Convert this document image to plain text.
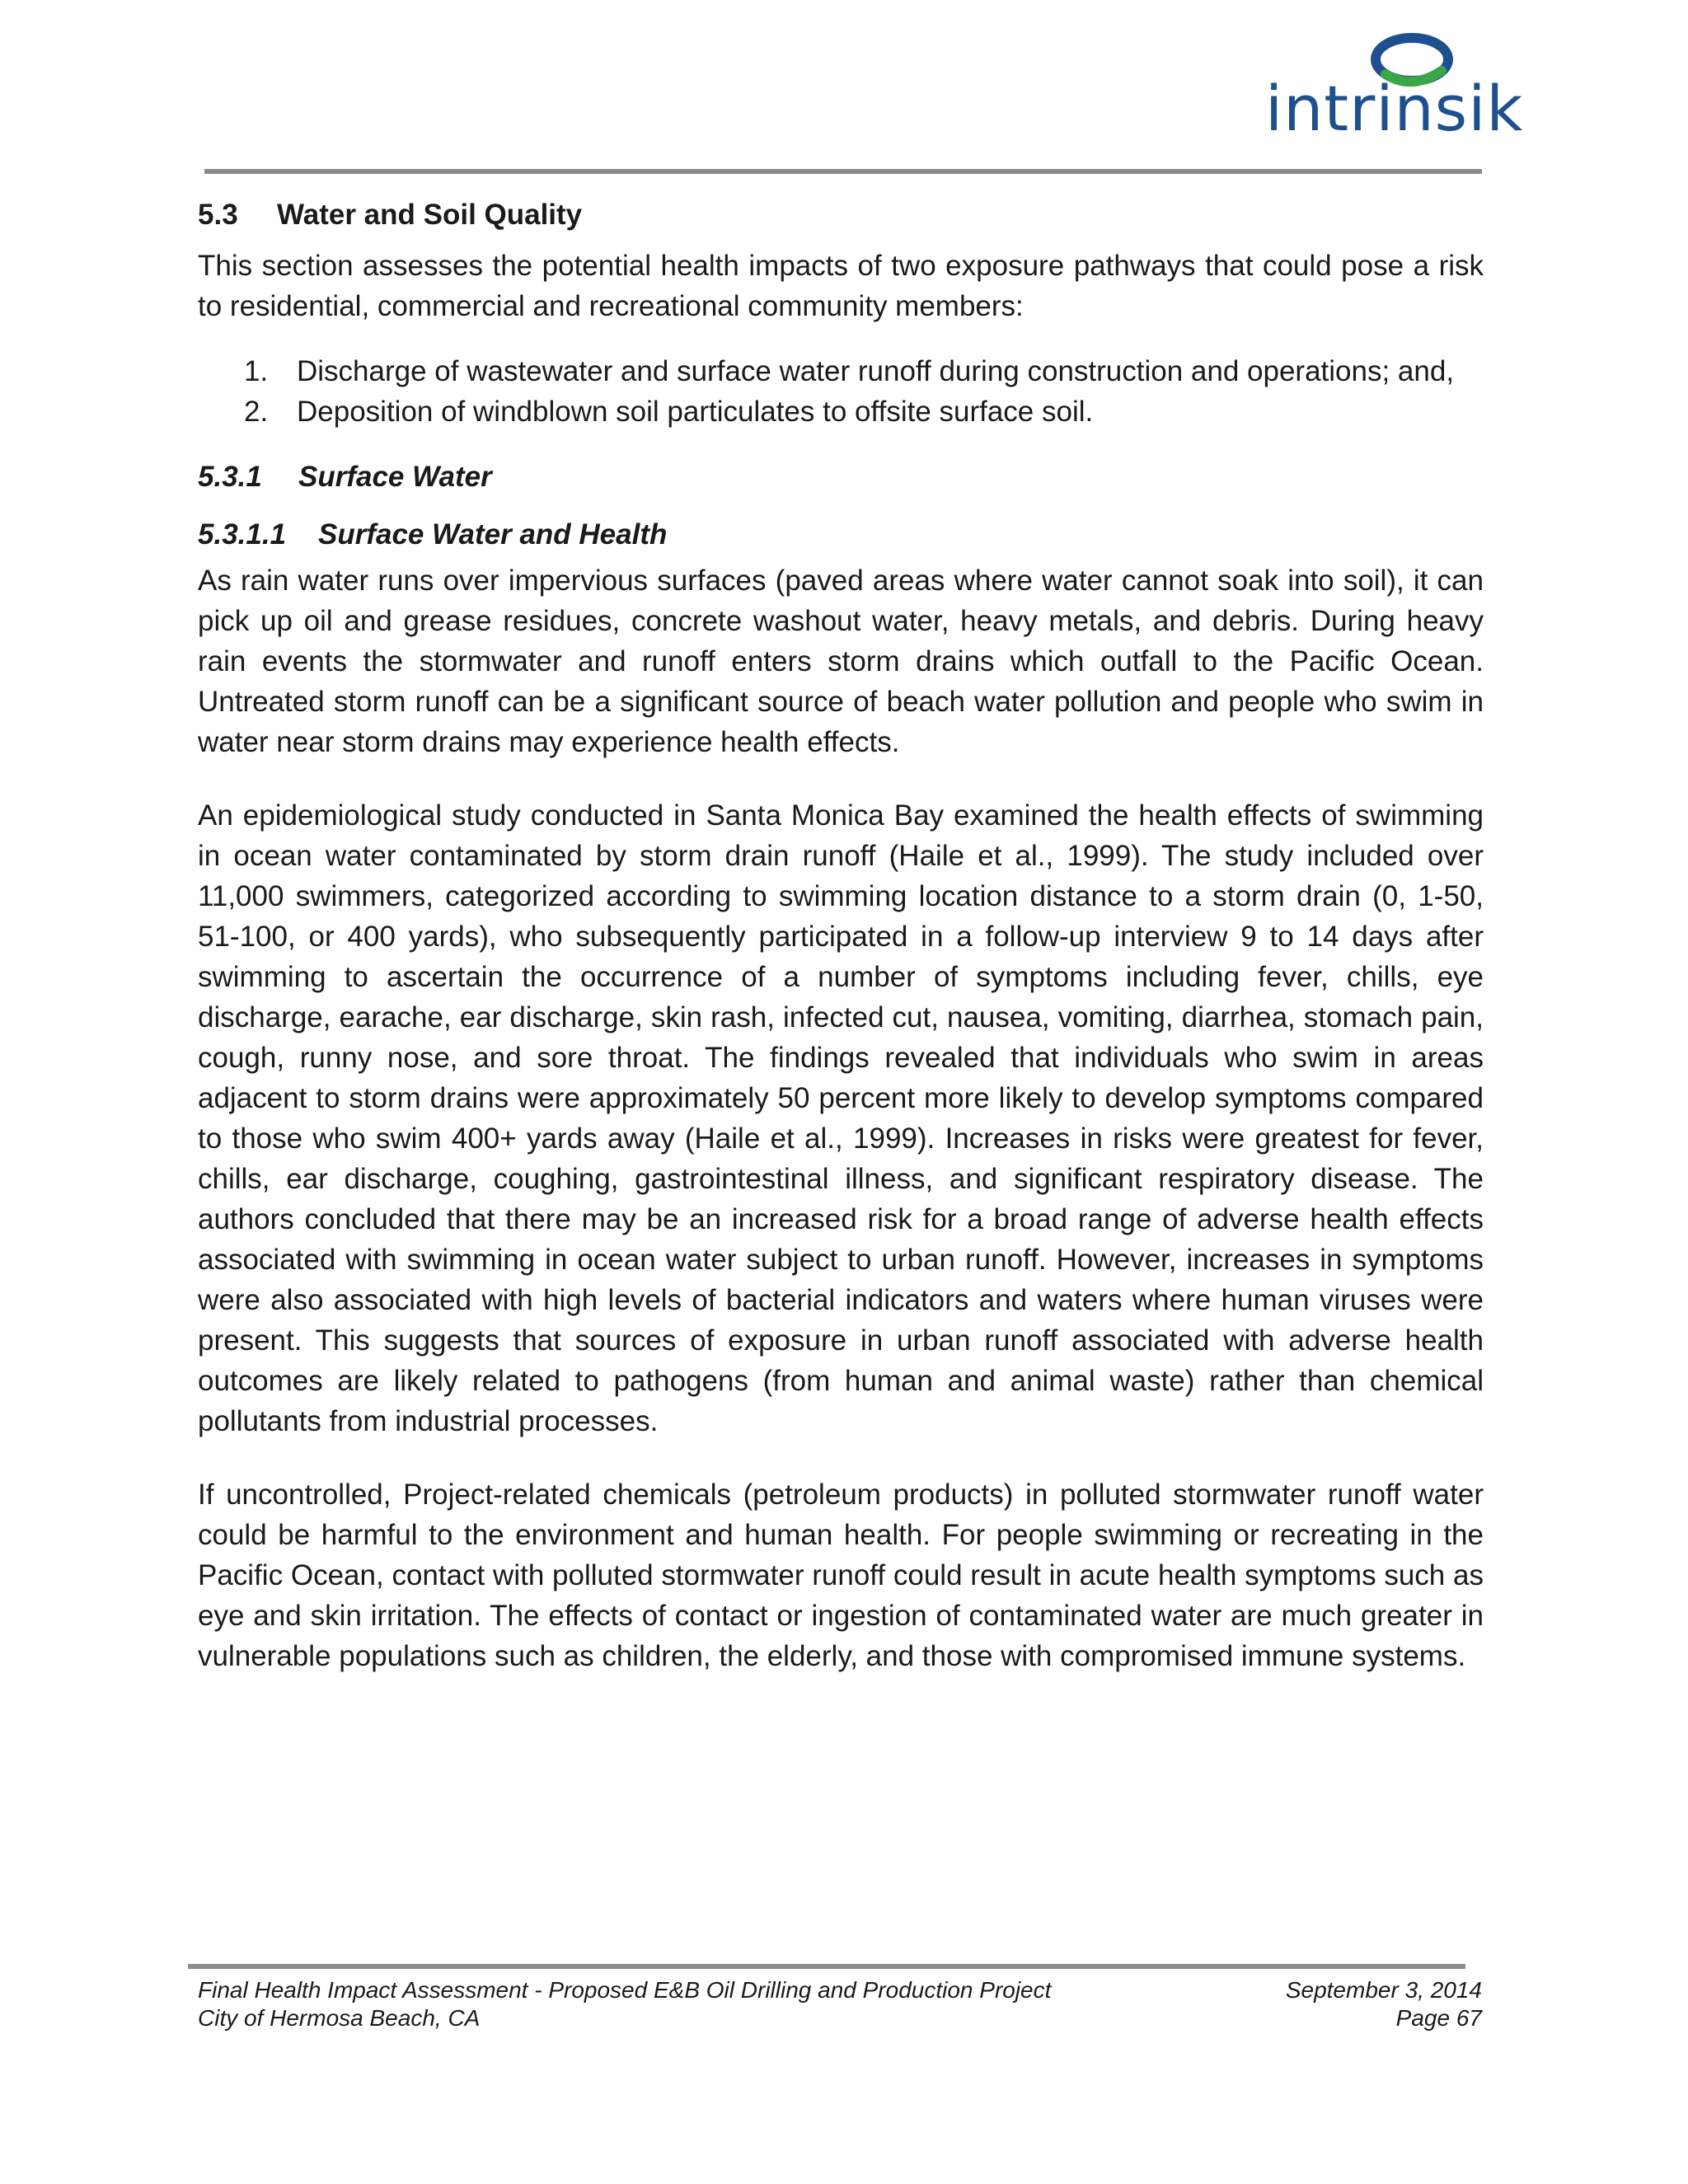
intrinsik
5.3 Water and Soil Quality

This section assesses the potential health impacts of two exposure pathways that could pose a risk to residential, commercial and recreational community members:

1. Discharge of wastewater and surface water runoff during construction and operations; and,
2. Deposition of windblown soil particulates to offsite surface soil.
5.3.1 Surface Water
5.3.1.1 Surface Water and Health

As rain water runs over impervious surfaces (paved areas where water cannot soak into soil), it can pick up oil and grease residues, concrete washout water, heavy metals, and debris. During heavy rain events the stormwater and runoff enters storm drains which outfall to the Pacific Ocean. Untreated storm runoff can be a significant source of beach water pollution and people who swim in water near storm drains may experience health effects.

An epidemiological study conducted in Santa Monica Bay examined the health effects of swimming in ocean water contaminated by storm drain runoff (Haile et al., 1999). The study included over 11,000 swimmers, categorized according to swimming location distance to a storm drain (0, 1-50, 51-100, or 400 yards), who subsequently participated in a follow-up interview 9 to 14 days after swimming to ascertain the occurrence of a number of symptoms including fever, chills, eye discharge, earache, ear discharge, skin rash, infected cut, nausea, vomiting, diarrhea, stomach pain, cough, runny nose, and sore throat. The findings revealed that individuals who swim in areas adjacent to storm drains were approximately 50 percent more likely to develop symptoms compared to those who swim 400+ yards away (Haile et al., 1999). Increases in risks were greatest for fever, chills, ear discharge, coughing, gastrointestinal illness, and significant respiratory disease. The authors concluded that there may be an increased risk for a broad range of adverse health effects associated with swimming in ocean water subject to urban runoff. However, increases in symptoms were also associated with high levels of bacterial indicators and waters where human viruses were present. This suggests that sources of exposure in urban runoff associated with adverse health outcomes are likely related to pathogens (from human and animal waste) rather than chemical pollutants from industrial processes.

If uncontrolled, Project-related chemicals (petroleum products) in polluted stormwater runoff water could be harmful to the environment and human health. For people swimming or recreating in the Pacific Ocean, contact with polluted stormwater runoff could result in acute health symptoms such as eye and skin irritation. The effects of contact or ingestion of contaminated water are much greater in vulnerable populations such as children, the elderly, and those with compromised immune systems.

Final Health Impact Assessment - Proposed E&B Oil Drilling and Production Project	September 3, 2014
City of Hermosa Beach, CA	Page 67
